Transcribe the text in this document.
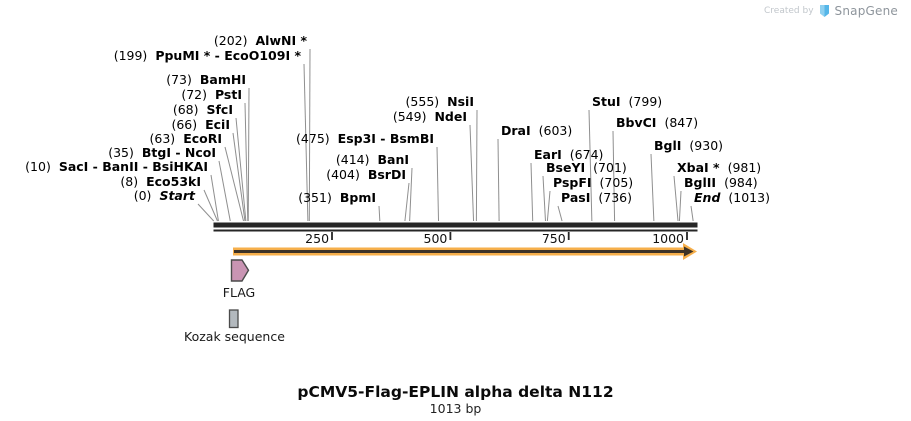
Created by SnapGene
(202) AlwNI *
(199) PpuMI * - EcoO109I *
(73) BamHI
(72) PstI
(68) SfcI
(66) EciI
(63) EcoRI
(35) BtgI - NcoI
(10) SacI - BanII - BsiHKAI
(8) Eco53kI
(0) Start
(555) NsiI
(549) NdeI
(475) Esp3I - BsmBI
(414) BanI
(404) BsrDI
(351) BpmI
DraI (603)
EarI (674)
BseYI (701)
PspFI (705)
PasI (736)
StuI (799)
BbvCI (847)
BglI (930)
XbaI * (981)
BglII (984)
End (1013)
250	500	750	1000
FLAG
Kozak sequence
pCMV5-Flag-EPLIN alpha delta N112
1013 bp
